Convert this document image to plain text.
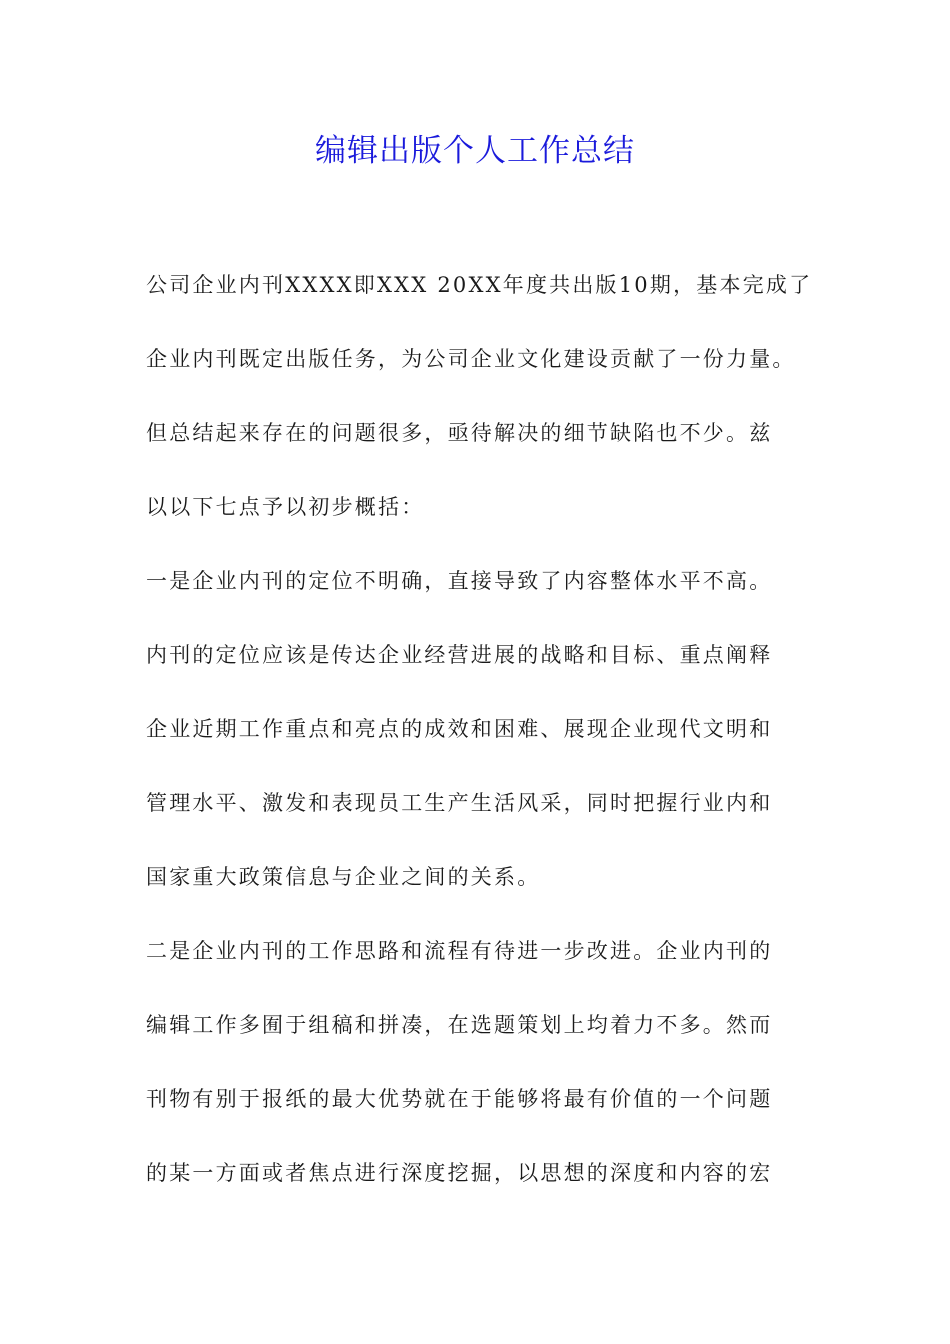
编辑出版个人工作总结
公司企业内刊XXXX即XXX 20XX年度共出版10期，基本完成了
企业内刊既定出版任务，为公司企业文化建设贡献了一份力量。
但总结起来存在的问题很多，亟待解决的细节缺陷也不少。兹
以以下七点予以初步概括：
一是企业内刊的定位不明确，直接导致了内容整体水平不高。
内刊的定位应该是传达企业经营进展的战略和目标、重点阐释
企业近期工作重点和亮点的成效和困难、展现企业现代文明和
管理水平、激发和表现员工生产生活风采，同时把握行业内和
国家重大政策信息与企业之间的关系。
二是企业内刊的工作思路和流程有待进一步改进。企业内刊的
编辑工作多囿于组稿和拼凑，在选题策划上均着力不多。然而
刊物有别于报纸的最大优势就在于能够将最有价值的一个问题
的某一方面或者焦点进行深度挖掘，以思想的深度和内容的宏
